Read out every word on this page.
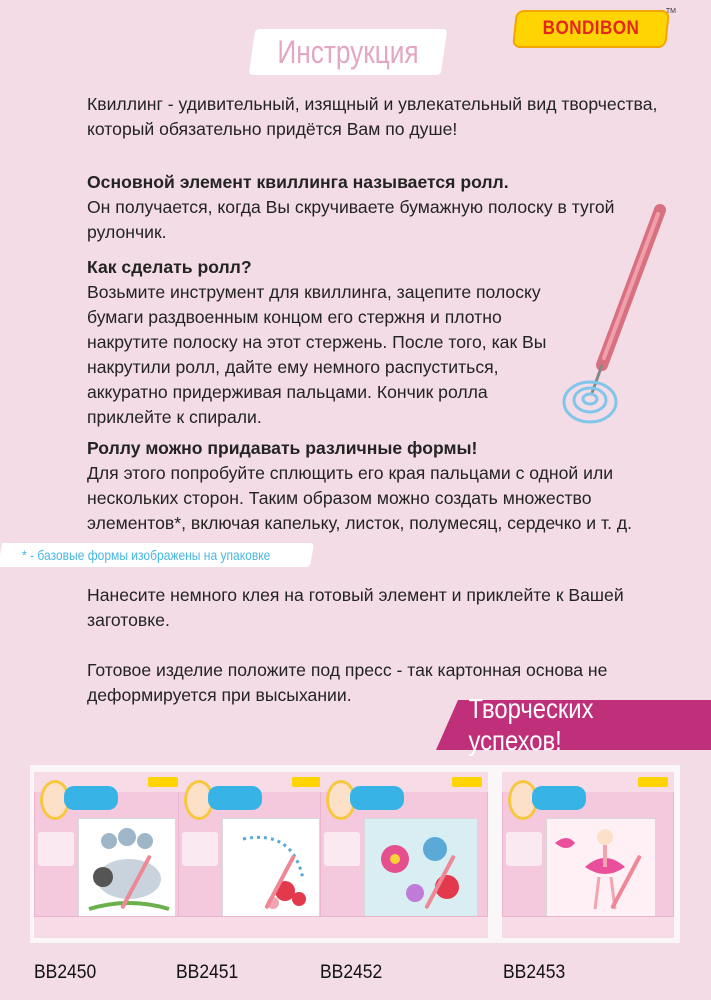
Инструкция
BONDIBON
TM

Квиллинг - удивительный, изящный и увлекательный вид творчества, который обязательно придётся Вам по душе!

Основной элемент квиллинга называется ролл.

Он получается, когда Вы скручиваете бумажную полоску в тугой рулончик.

Как сделать ролл?

Возьмите инструмент для квиллинга, зацепите полоску бумаги раздвоенным концом его стержня и плотно накрутите полоску на этот стержень. После того, как Вы накрутили ролл, дайте ему немного распуститься, аккуратно придерживая пальцами. Кончик ролла приклейте к спирали.

Роллу можно придавать различные формы!

Для этого попробуйте сплющить его края пальцами с одной или нескольких сторон. Таким образом можно создать множество элементов*, включая капельку, листок, полумесяц, сердечко и т. д.

* - базовые формы изображены на упаковке

Нанесите немного клея на готовый элемент и приклейте к Вашей заготовке.

Готовое изделие положите под пресс - так картонная основа не деформируется при высыхании.	Творческих успехов!
BB2450	BB2451	BB2452	BB2453
